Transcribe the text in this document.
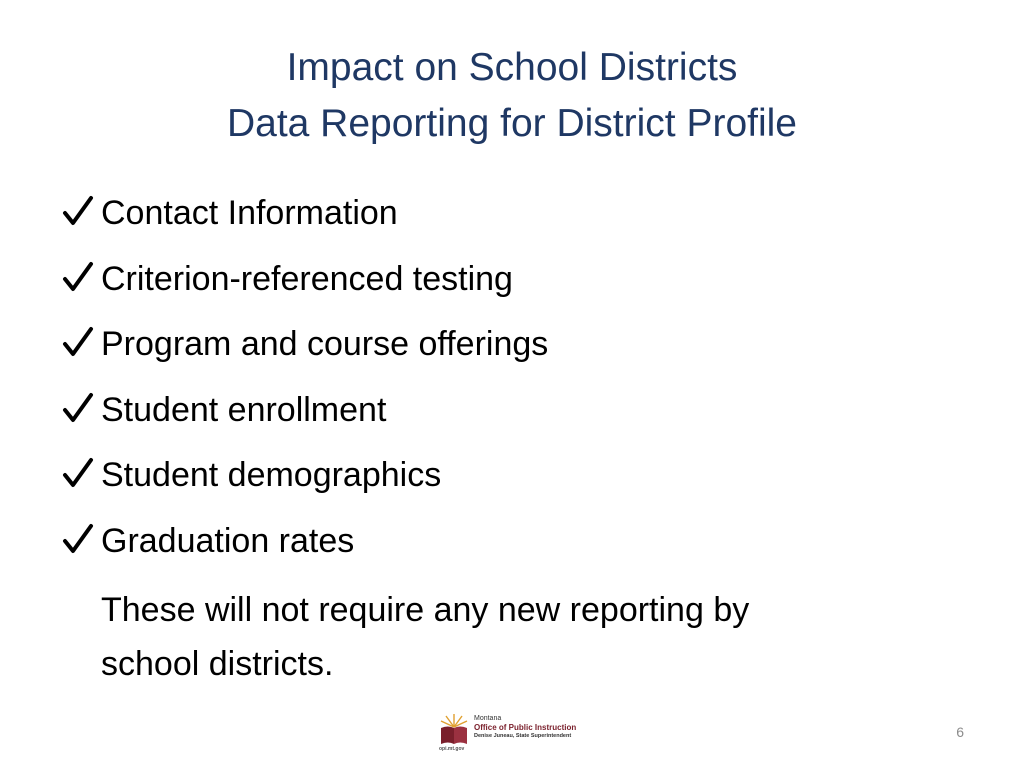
Impact on School Districts
Data Reporting for District Profile
Contact Information
Criterion-referenced testing
Program and course offerings
Student enrollment
Student demographics
Graduation rates
These will not require any new reporting by
school districts.
opi.mt.gov
Montana
Office of Public Instruction
Denise Juneau, State Superintendent	6
